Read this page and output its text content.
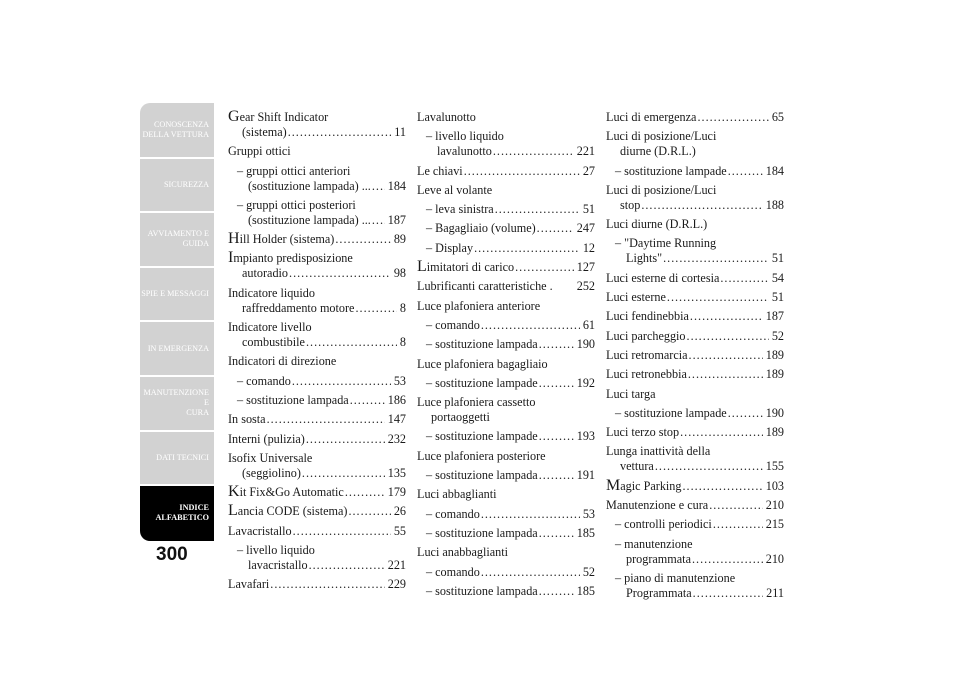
CONOSCENZA
DELLA VETTURA
SICUREZZA
AVVIAMENTO E
GUIDA
SPIE E MESSAGGI
IN EMERGENZA
MANUTENZIONE E
CURA
DATI TECNICI
INDICE
ALFABETICO
300
Gear Shift Indicator
(sistema) .....	11
Gruppi ottici
– gruppi ottici anteriori
(sostituzione lampada) ... ..... 184
– gruppi ottici posteriori
(sostituzione lampada) ... ..... 187
Hill Holder (sistema) .....	89
Impianto predisposizione
autoradio .....	98
Indicatore liquido
raffreddamento motore .....	8
Indicatore livello
combustibile .....	8
Indicatori di direzione
– comando .....	53
– sostituzione lampada .....	186
In sosta .....	147
Interni (pulizia) .....	232
Isofix Universale
(seggiolino) .....	135
Kit Fix&Go Automatic .....	179
Lancia CODE (sistema) .....	26
Lavacristallo .....	55
– livello liquido
lavacristallo .....	221
Lavafari .....	229
Lavalunotto
– livello liquido
lavalunotto .....	221
Le chiavi .....	27
Leve al volante
– leva sinistra .....	51
– Bagagliaio (volume) .....	247
– Display .....	12
Limitatori di carico .....	127
Lubrificanti caratteristiche . 252
Luce plafoniera anteriore
– comando .....	61
– sostituzione lampada .....	190
Luce plafoniera bagagliaio
– sostituzione lampade .....	192
Luce plafoniera cassetto
portaoggetti
– sostituzione lampade .....	193
Luce plafoniera posteriore
– sostituzione lampada .....	191
Luci abbaglianti
– comando .....	53
– sostituzione lampada .....	185
Luci anabbaglianti
– comando .....	52
– sostituzione lampada .....	185
Luci di emergenza .....	65
Luci di posizione/Luci
diurne (D.R.L.)
– sostituzione lampade .....	184
Luci di posizione/Luci
stop .....	188
Luci diurne (D.R.L.)
– "Daytime Running
Lights" .....	51
Luci esterne di cortesia .....	54
Luci esterne .....	51
Luci fendinebbia .....	187
Luci parcheggio .....	52
Luci retromarcia .....	189
Luci retronebbia .....	189
Luci targa
– sostituzione lampade .....	190
Luci terzo stop .....	189
Lunga inattività della
vettura .....	155
Magic Parking .....	103
Manutenzione e cura .....	210
– controlli periodici .....	215
– manutenzione
programmata .....	210
– piano di manutenzione
Programmata .....	211
